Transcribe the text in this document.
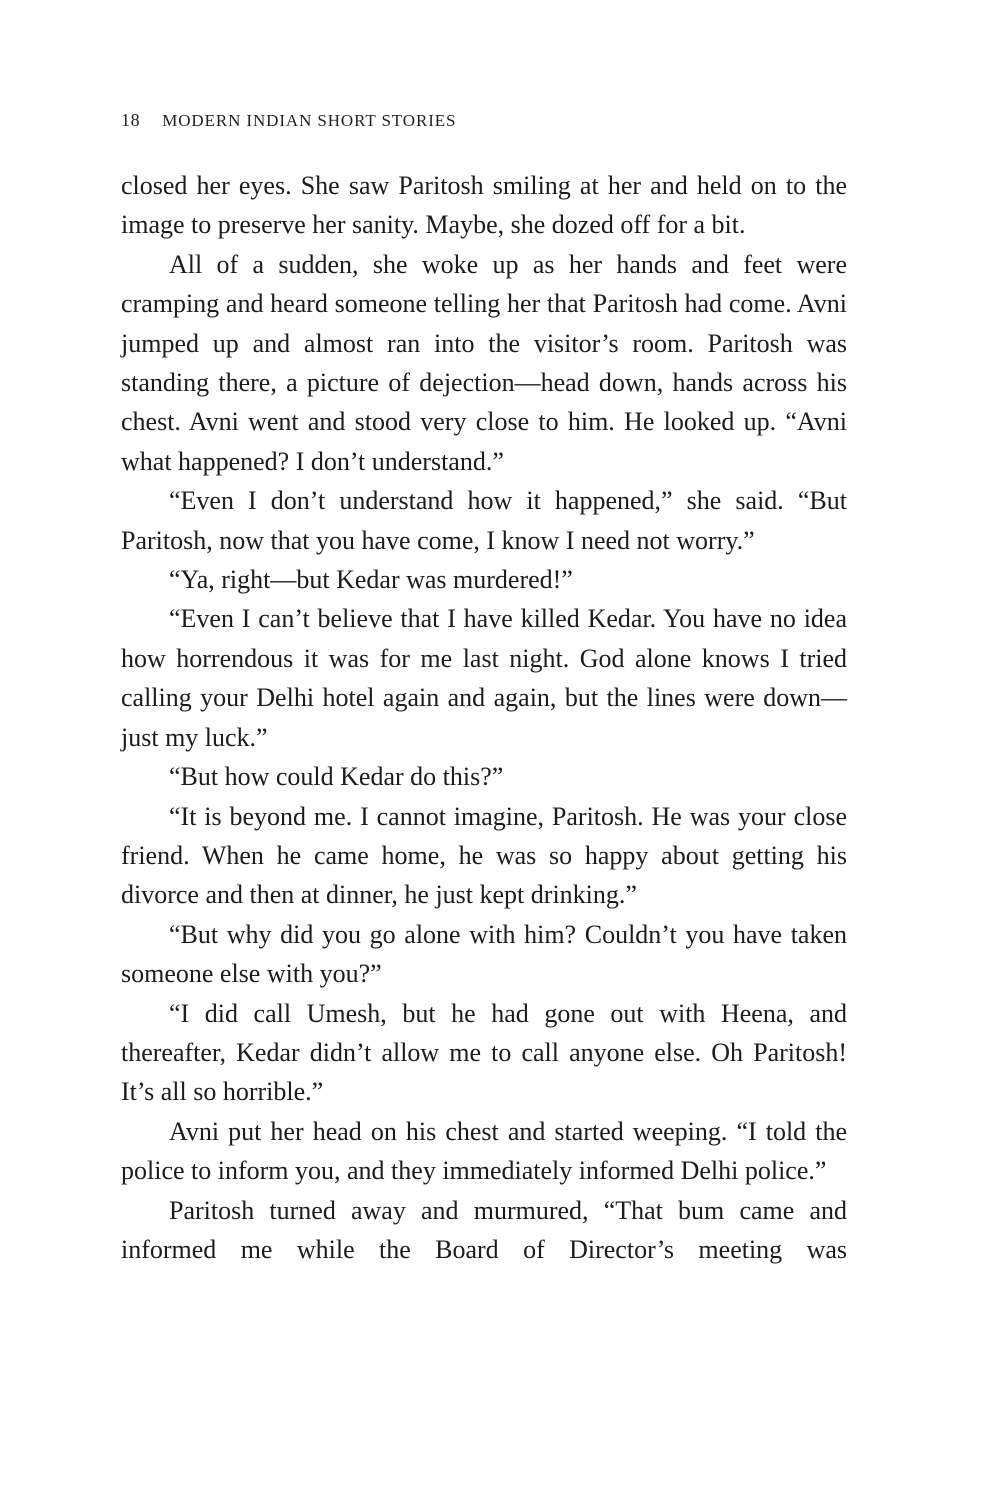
18 MODERN INDIAN SHORT STORIES

closed her eyes. She saw Paritosh smiling at her and held on to the image to preserve her sanity. Maybe, she dozed off for a bit.

All of a sudden, she woke up as her hands and feet were cramping and heard someone telling her that Paritosh had come. Avni jumped up and almost ran into the visitor’s room. Paritosh was standing there, a picture of dejection—head down, hands across his chest. Avni went and stood very close to him. He looked up. “Avni what happened? I don’t understand.”

“Even I don’t understand how it happened,” she said. “But Paritosh, now that you have come, I know I need not worry.”

“Ya, right—but Kedar was murdered!”

“Even I can’t believe that I have killed Kedar. You have no idea how horrendous it was for me last night. God alone knows I tried calling your Delhi hotel again and again, but the lines were down—just my luck.”

“But how could Kedar do this?”

“It is beyond me. I cannot imagine, Paritosh. He was your close friend. When he came home, he was so happy about getting his divorce and then at dinner, he just kept drinking.”

“But why did you go alone with him? Couldn’t you have taken someone else with you?”

“I did call Umesh, but he had gone out with Heena, and thereafter, Kedar didn’t allow me to call anyone else. Oh Paritosh! It’s all so horrible.”

Avni put her head on his chest and started weeping. “I told the police to inform you, and they immediately informed Delhi police.”

Paritosh turned away and murmured, “That bum came and informed me while the Board of Director’s meeting was
